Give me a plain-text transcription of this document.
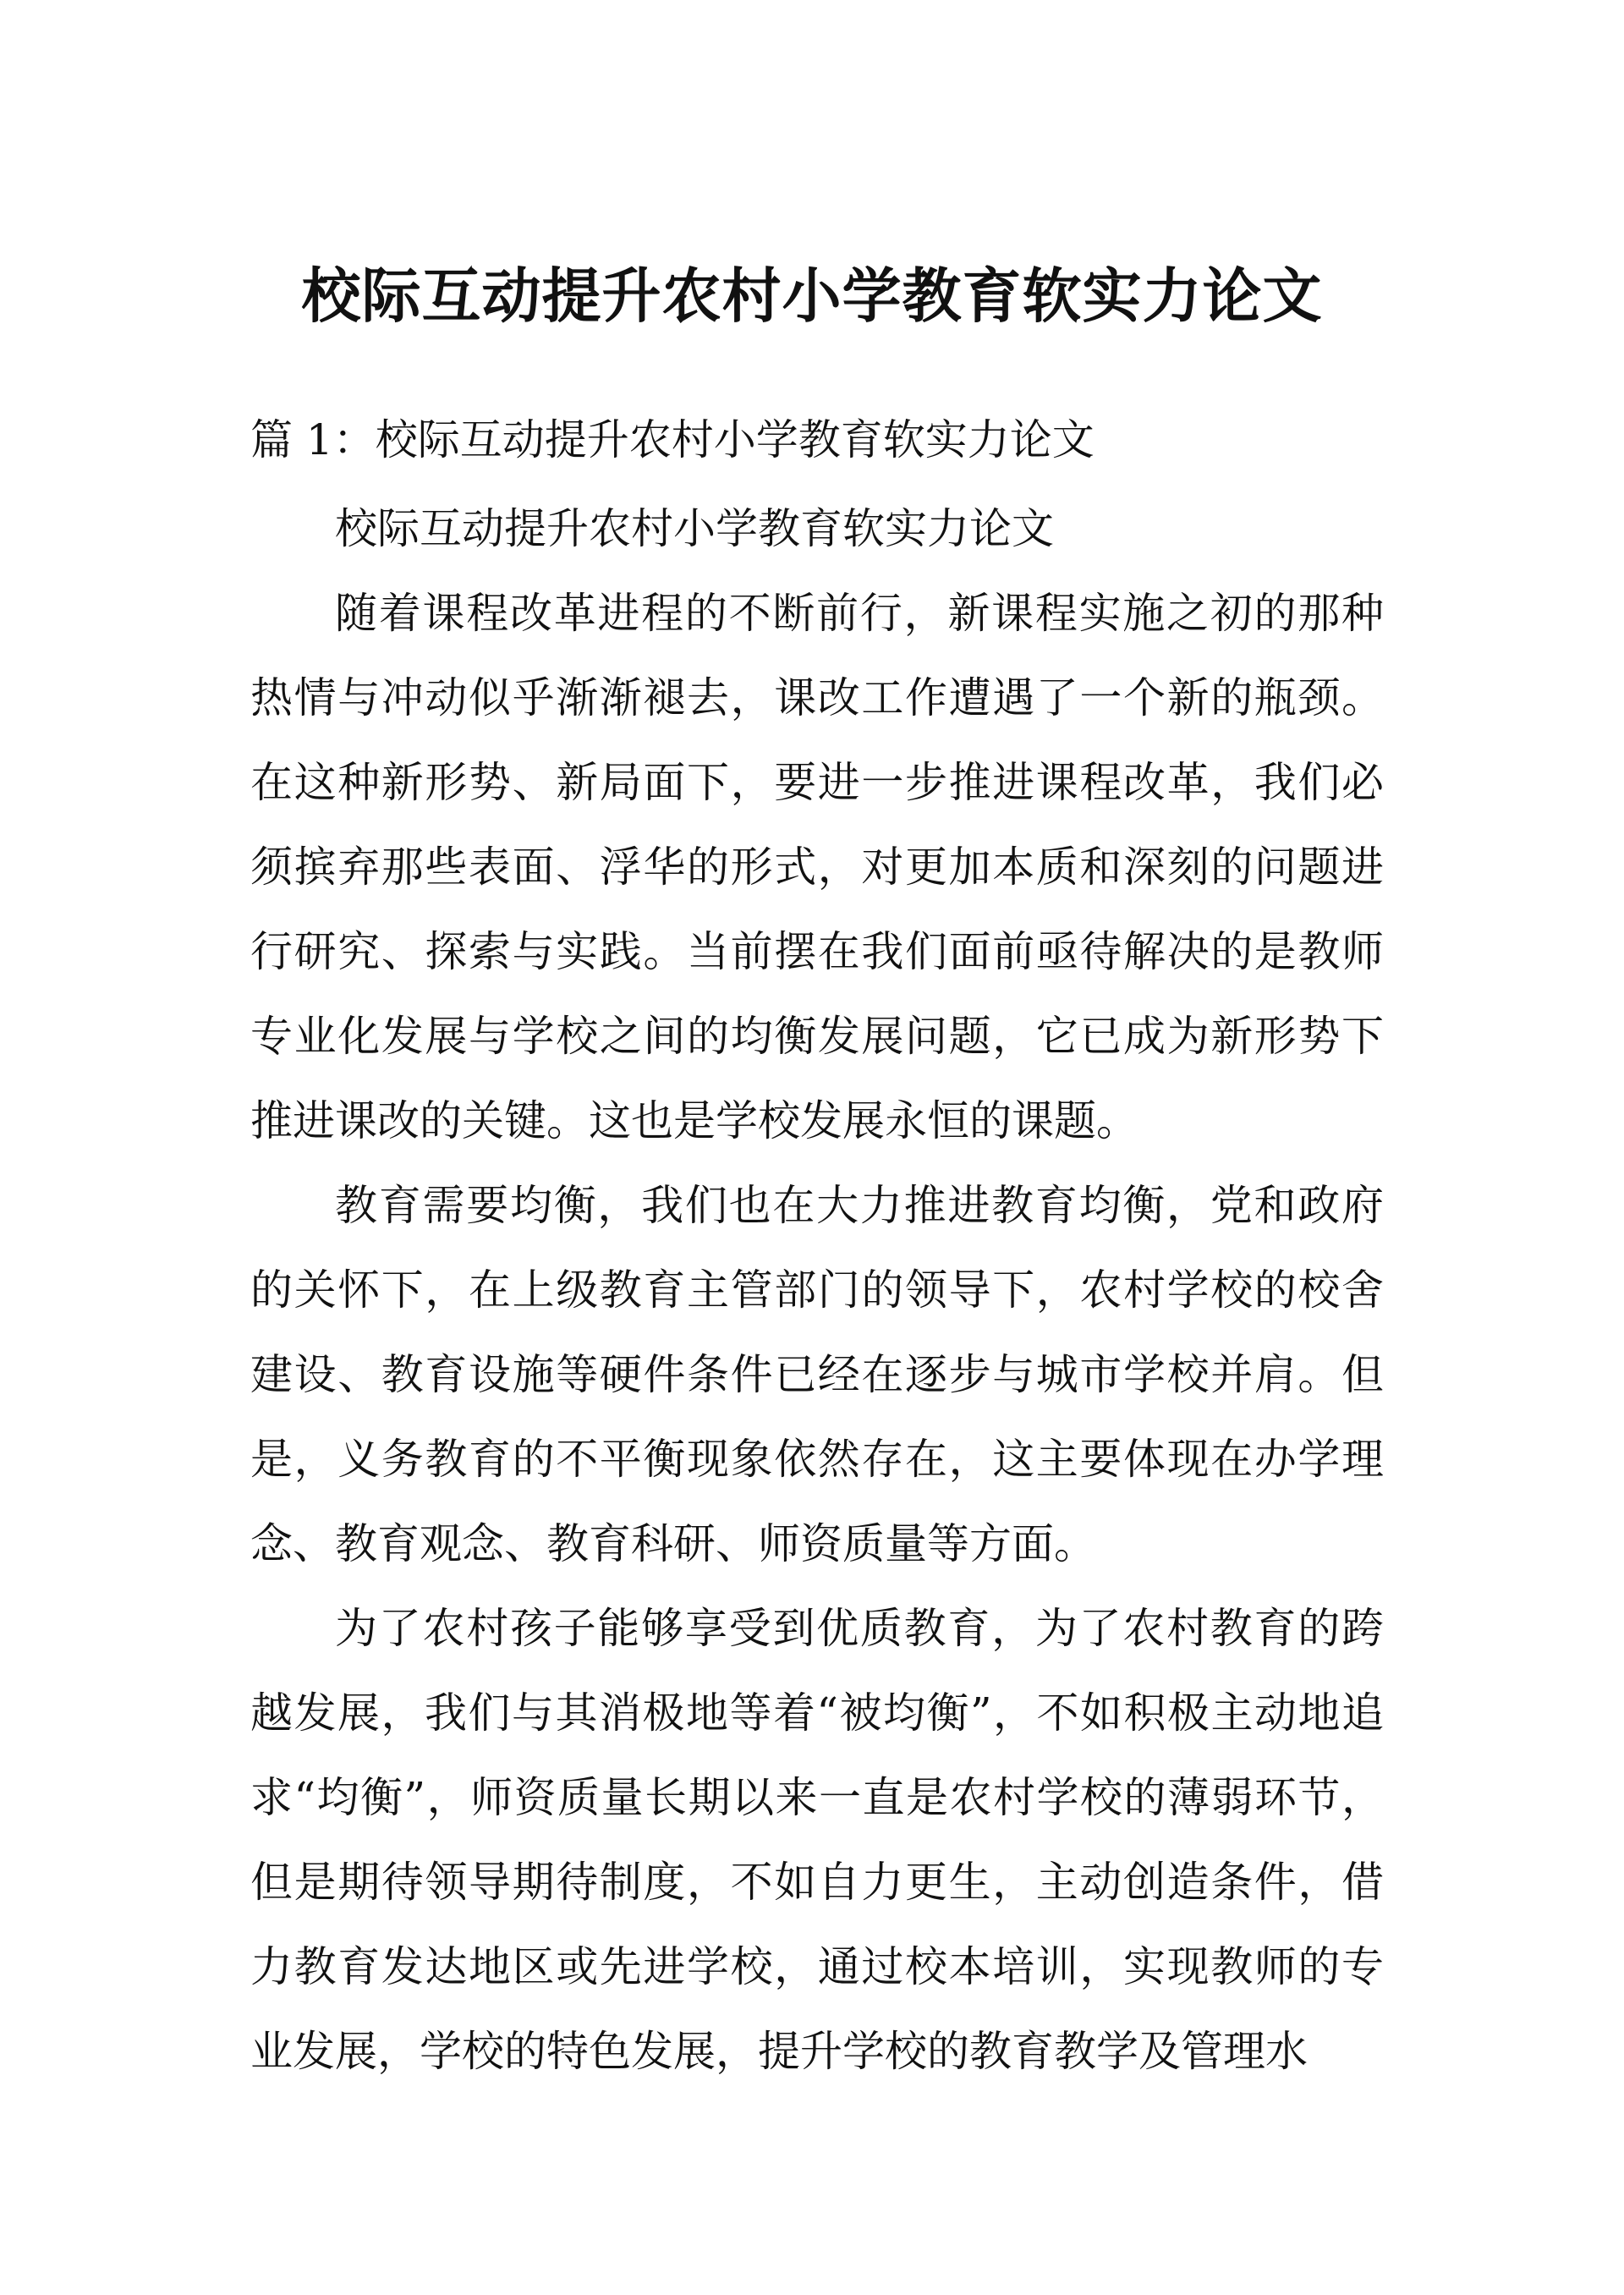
校际互动提升农村小学教育软实力论文
篇 1：校际互动提升农村小学教育软实力论文

校际互动提升农村小学教育软实力论文

随着课程改革进程的不断前行，新课程实施之初的那种热情与冲动似乎渐渐褪去，课改工作遭遇了一个新的瓶颈。在这种新形势、新局面下，要进一步推进课程改革，我们必须摈弃那些表面、浮华的形式，对更加本质和深刻的问题进行研究、探索与实践。当前摆在我们面前亟待解决的是教师专业化发展与学校之间的均衡发展问题，它已成为新形势下推进课改的关键。这也是学校发展永恒的课题。

教育需要均衡，我们也在大力推进教育均衡，党和政府的关怀下，在上级教育主管部门的领导下，农村学校的校舍建设、教育设施等硬件条件已经在逐步与城市学校并肩。但是，义务教育的不平衡现象依然存在，这主要体现在办学理念、教育观念、教育科研、师资质量等方面。

为了农村孩子能够享受到优质教育，为了农村教育的跨越发展，我们与其消极地等着“被均衡”，不如积极主动地追求“均衡”，师资质量长期以来一直是农村学校的薄弱环节，但是期待领导期待制度，不如自力更生，主动创造条件，借力教育发达地区或先进学校，通过校本培训，实现教师的专业发展，学校的特色发展，提升学校的教育教学及管理水
